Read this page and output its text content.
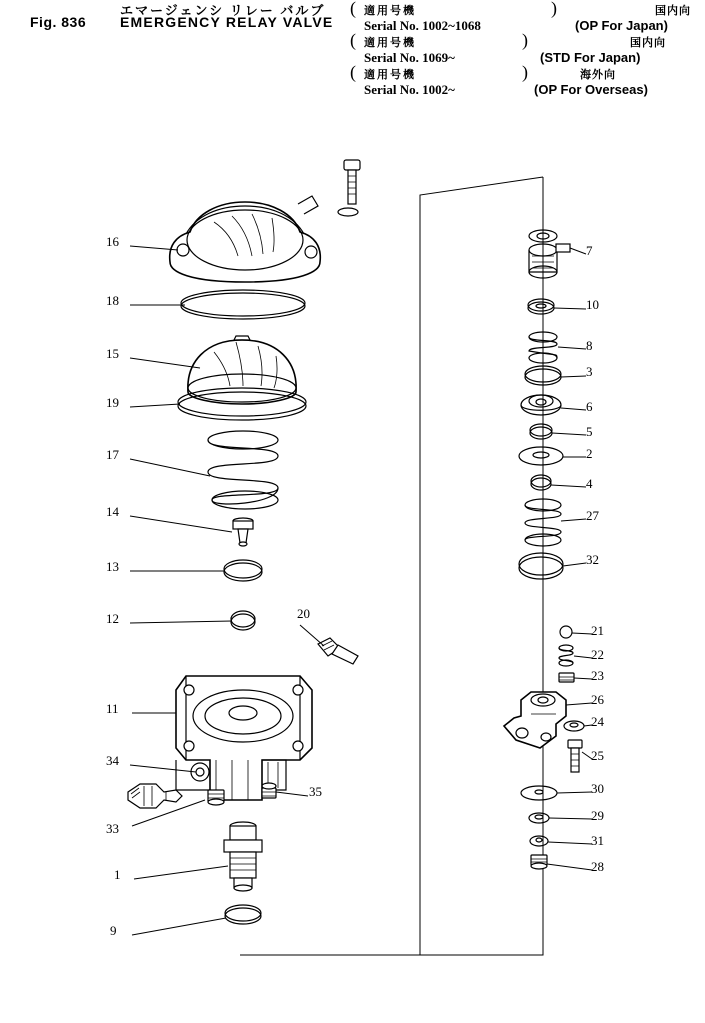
エマージェンシ リレー バルブ
Fig. 836 EMERGENCY RELAY VALVE
( 適用号機
Serial No. 1002~1068
)	国内向
(OP For Japan)
( 適用号機
Serial No. 1069~
)	国内向
(STD For Japan)
( 適用号機
Serial No. 1002~
)	海外向
(OP For Overseas)
16
18
15
19
17
14
13
12
11
34
33
1
9
20
35
7
10
8
3
6
5
2
4
27
32
21
22
23
26
24
25
30
29
31
28
